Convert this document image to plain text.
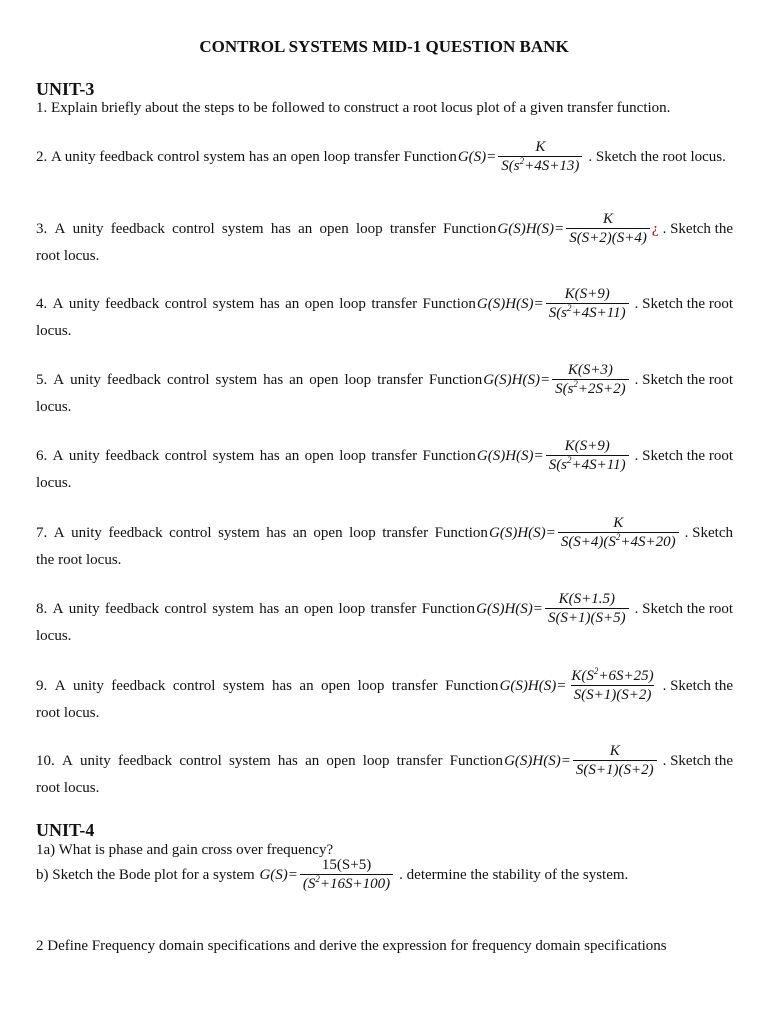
CONTROL SYSTEMS MID-1 QUESTION BANK
UNIT-3
1. Explain briefly about the steps to be followed to construct a root locus plot of a given transfer function.
2.
A unity feedback control system has an open loop transfer Function $G(S)= \frac{K}{S(s^2+4S+13)}$ . Sketch the root locus.
3. A unity feedback control system has an open loop transfer Function $G(S)H(S)= \frac{K}{S(S+2)(S+4)}$ ¿ . Sketch the
root locus.
4. A unity feedback control system has an open loop transfer Function $G(S)H(S)= \frac{K(S+9)}{S(s^2+4S+11)}$ . Sketch the root
locus.
5. A unity feedback control system has an open loop transfer Function $G(S)H(S)= \frac{K(S+3)}{S(s^2+2S+2)}$ . Sketch the root
locus.
6. A unity feedback control system has an open loop transfer Function $G(S)H(S)= \frac{K(S+9)}{S(s^2+4S+11)}$ . Sketch the root
locus.
7. A unity feedback control system has an open loop transfer Function $G(S)H(S)= \frac{K}{S(S+4)(S^2+4S+20)}$ . Sketch
the root locus.
8. A unity feedback control system has an open loop transfer Function $G(S)H(S)= \frac{K(S+1.5)}{S(S+1)(S+5)}$ . Sketch the root
locus.
9. A unity feedback control system has an open loop transfer Function $G(S)H(S)= \frac{K(S^2+6S+25)}{S(S+1)(S+2)}$ . Sketch the
root locus.
10. A unity feedback control system has an open loop transfer Function $G(S)H(S)= \frac{K}{S(S+1)(S+2)}$ . Sketch the
root locus.
UNIT-4
1a) What is phase and gain cross over frequency?
b) Sketch the Bode plot for a system
$G(S)= \frac{15(S+5)}{(S^2+16S+100)}$ . determine the stability of the system.
2 Define Frequency domain specifications and derive the expression for frequency domain specifications
